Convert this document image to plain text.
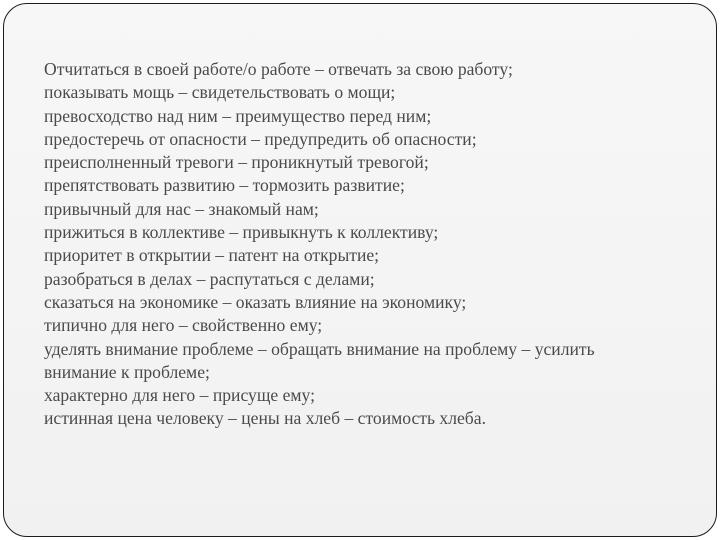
Отчитаться в своей работе/о работе – отвечать за свою работу;
показывать мощь – свидетельствовать о мощи;
превосходство над ним – преимущество перед ним;
предостеречь от опасности – предупредить об опасности;
преисполненный тревоги – проникнутый тревогой;
препятствовать развитию – тормозить развитие;
привычный для нас – знакомый нам;
прижиться в коллективе – привыкнуть к коллективу;
приоритет в открытии – патент на открытие;
разобраться в делах – распутаться с делами;
сказаться на экономике – оказать влияние на экономику;
типично для него – свойственно ему;
уделять внимание проблеме – обращать внимание на проблему – усилить
внимание к проблеме;
характерно для него – присуще ему;
истинная цена человеку – цены на хлеб – стоимость хлеба.
